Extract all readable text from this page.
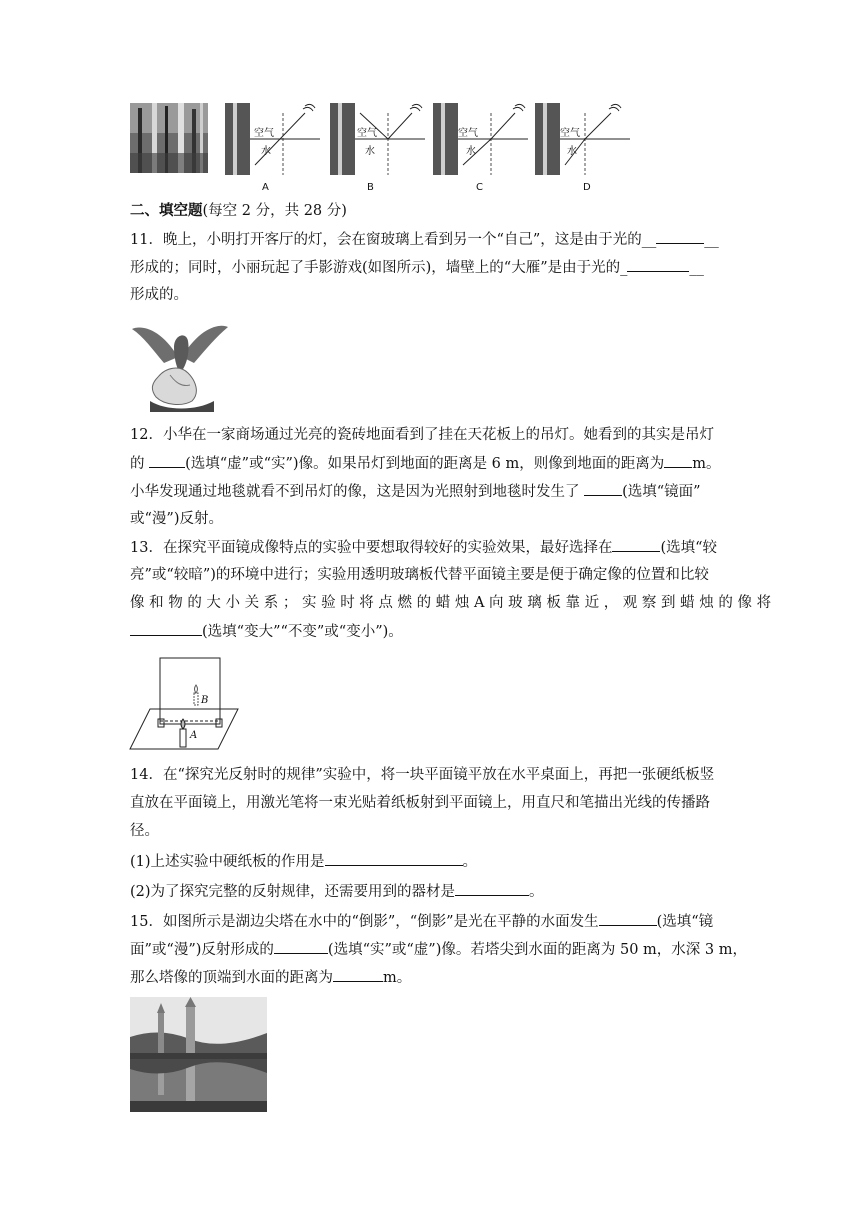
空气
水
A
空气
水
B
空气
水
C
空气
水
D
二、填空题(每空 2 分，共 28 分)
11．晚上，小明打开客厅的灯，会在窗玻璃上看到另一个“自己”，这是由于光的__	__
形成的；同时，小丽玩起了手影游戏(如图所示)，墙壁上的“大雁”是由于光的_	__
形成的。
12．小华在一家商场通过光亮的瓷砖地面看到了挂在天花板上的吊灯。她看到的其实是吊灯
的	(选填“虚”或“实”)像。如果吊灯到地面的距离是 6 m，则像到地面的距离为 m。
小华发现通过地毯就看不到吊灯的像，这是因为光照射到地毯时发生了	(选填“镜面”
或“漫”)反射。
13．在探究平面镜成像特点的实验中要想取得较好的实验效果，最好选择在	(选填“较
亮”或“较暗”)的环境中进行；实验用透明玻璃板代替平面镜主要是便于确定像的位置和比较
像 和 物 的 大 小 关 系 ； 实 验 时 将 点 燃 的 蜡 烛 A 向 玻 璃 板 靠 近 ， 观 察 到 蜡 烛 的 像 将
(选填“变大”“不变”或“变小”)。
B
A
14．在“探究光反射时的规律”实验中，将一块平面镜平放在水平桌面上，再把一张硬纸板竖
直放在平面镜上，用激光笔将一束光贴着纸板射到平面镜上，用直尺和笔描出光线的传播路
径。
(1)上述实验中硬纸板的作用是	。
(2)为了探究完整的反射规律，还需要用到的器材是	。
15．如图所示是湖边尖塔在水中的“倒影”，“倒影”是光在平静的水面发生	(选填“镜
面”或“漫”)反射形成的	(选填“实”或“虚”)像。若塔尖到水面的距离为 50 m，水深 3 m，
那么塔像的顶端到水面的距离为	m。
